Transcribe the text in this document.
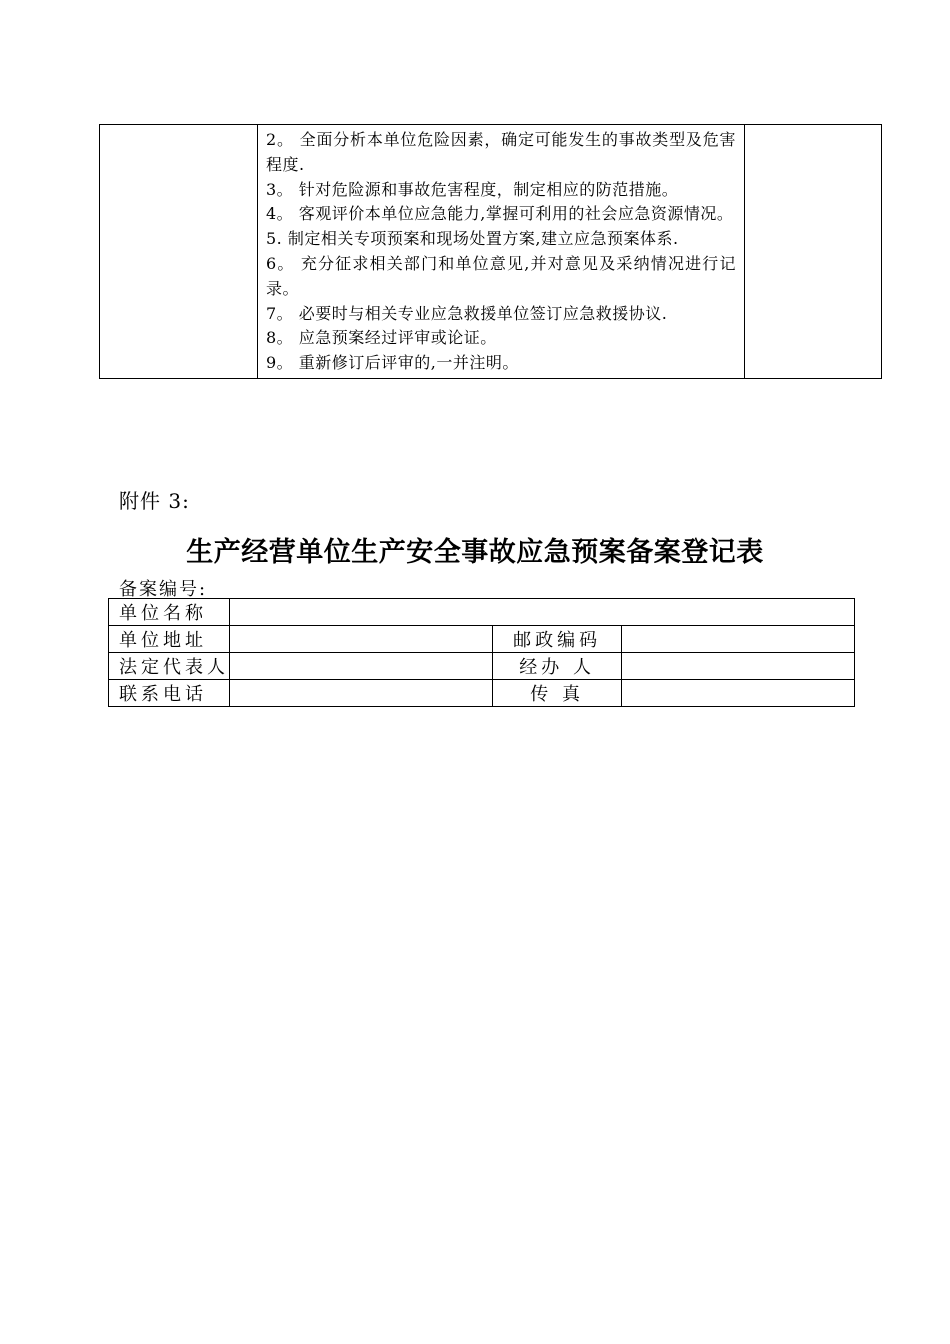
2。 全面分析本单位危险因素，确定可能发生的事故类型及危害程度.
3。 针对危险源和事故危害程度，制定相应的防范措施。
4。 客观评价本单位应急能力,掌握可利用的社会应急资源情况。
5. 制定相关专项预案和现场处置方案,建立应急预案体系.
6。 充分征求相关部门和单位意见,并对意见及采纳情况进行记录。
7。 必要时与相关专业应急救援单位签订应急救援协议.
8。 应急预案经过评审或论证。
9。 重新修订后评审的,一并注明。

附件 3:
生产经营单位生产安全事故应急预案备案登记表
备案编号:
单位名称			
单位地址		邮政编码	
法定代表人		经办 人	
联系电话		传 真	
